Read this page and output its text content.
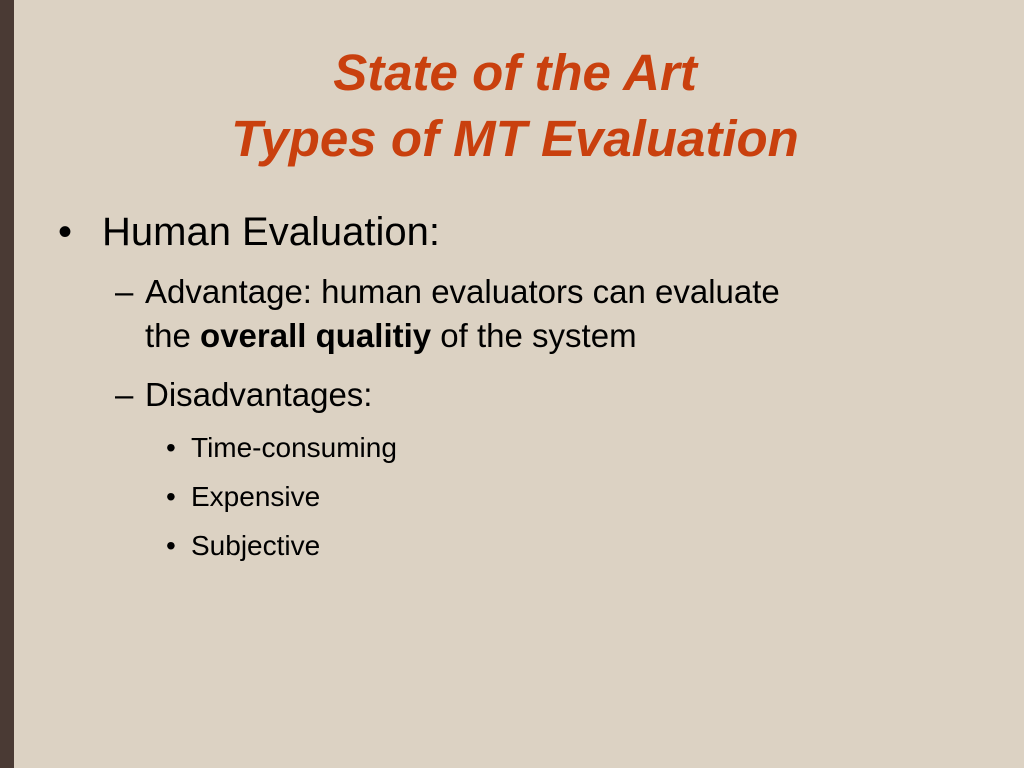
State of the Art
Types of MT Evaluation
• Human Evaluation:
– Advantage: human evaluators can evaluate
the overall qualitiy of the system
– Disadvantages:
• Time-consuming
• Expensive
• Subjective
